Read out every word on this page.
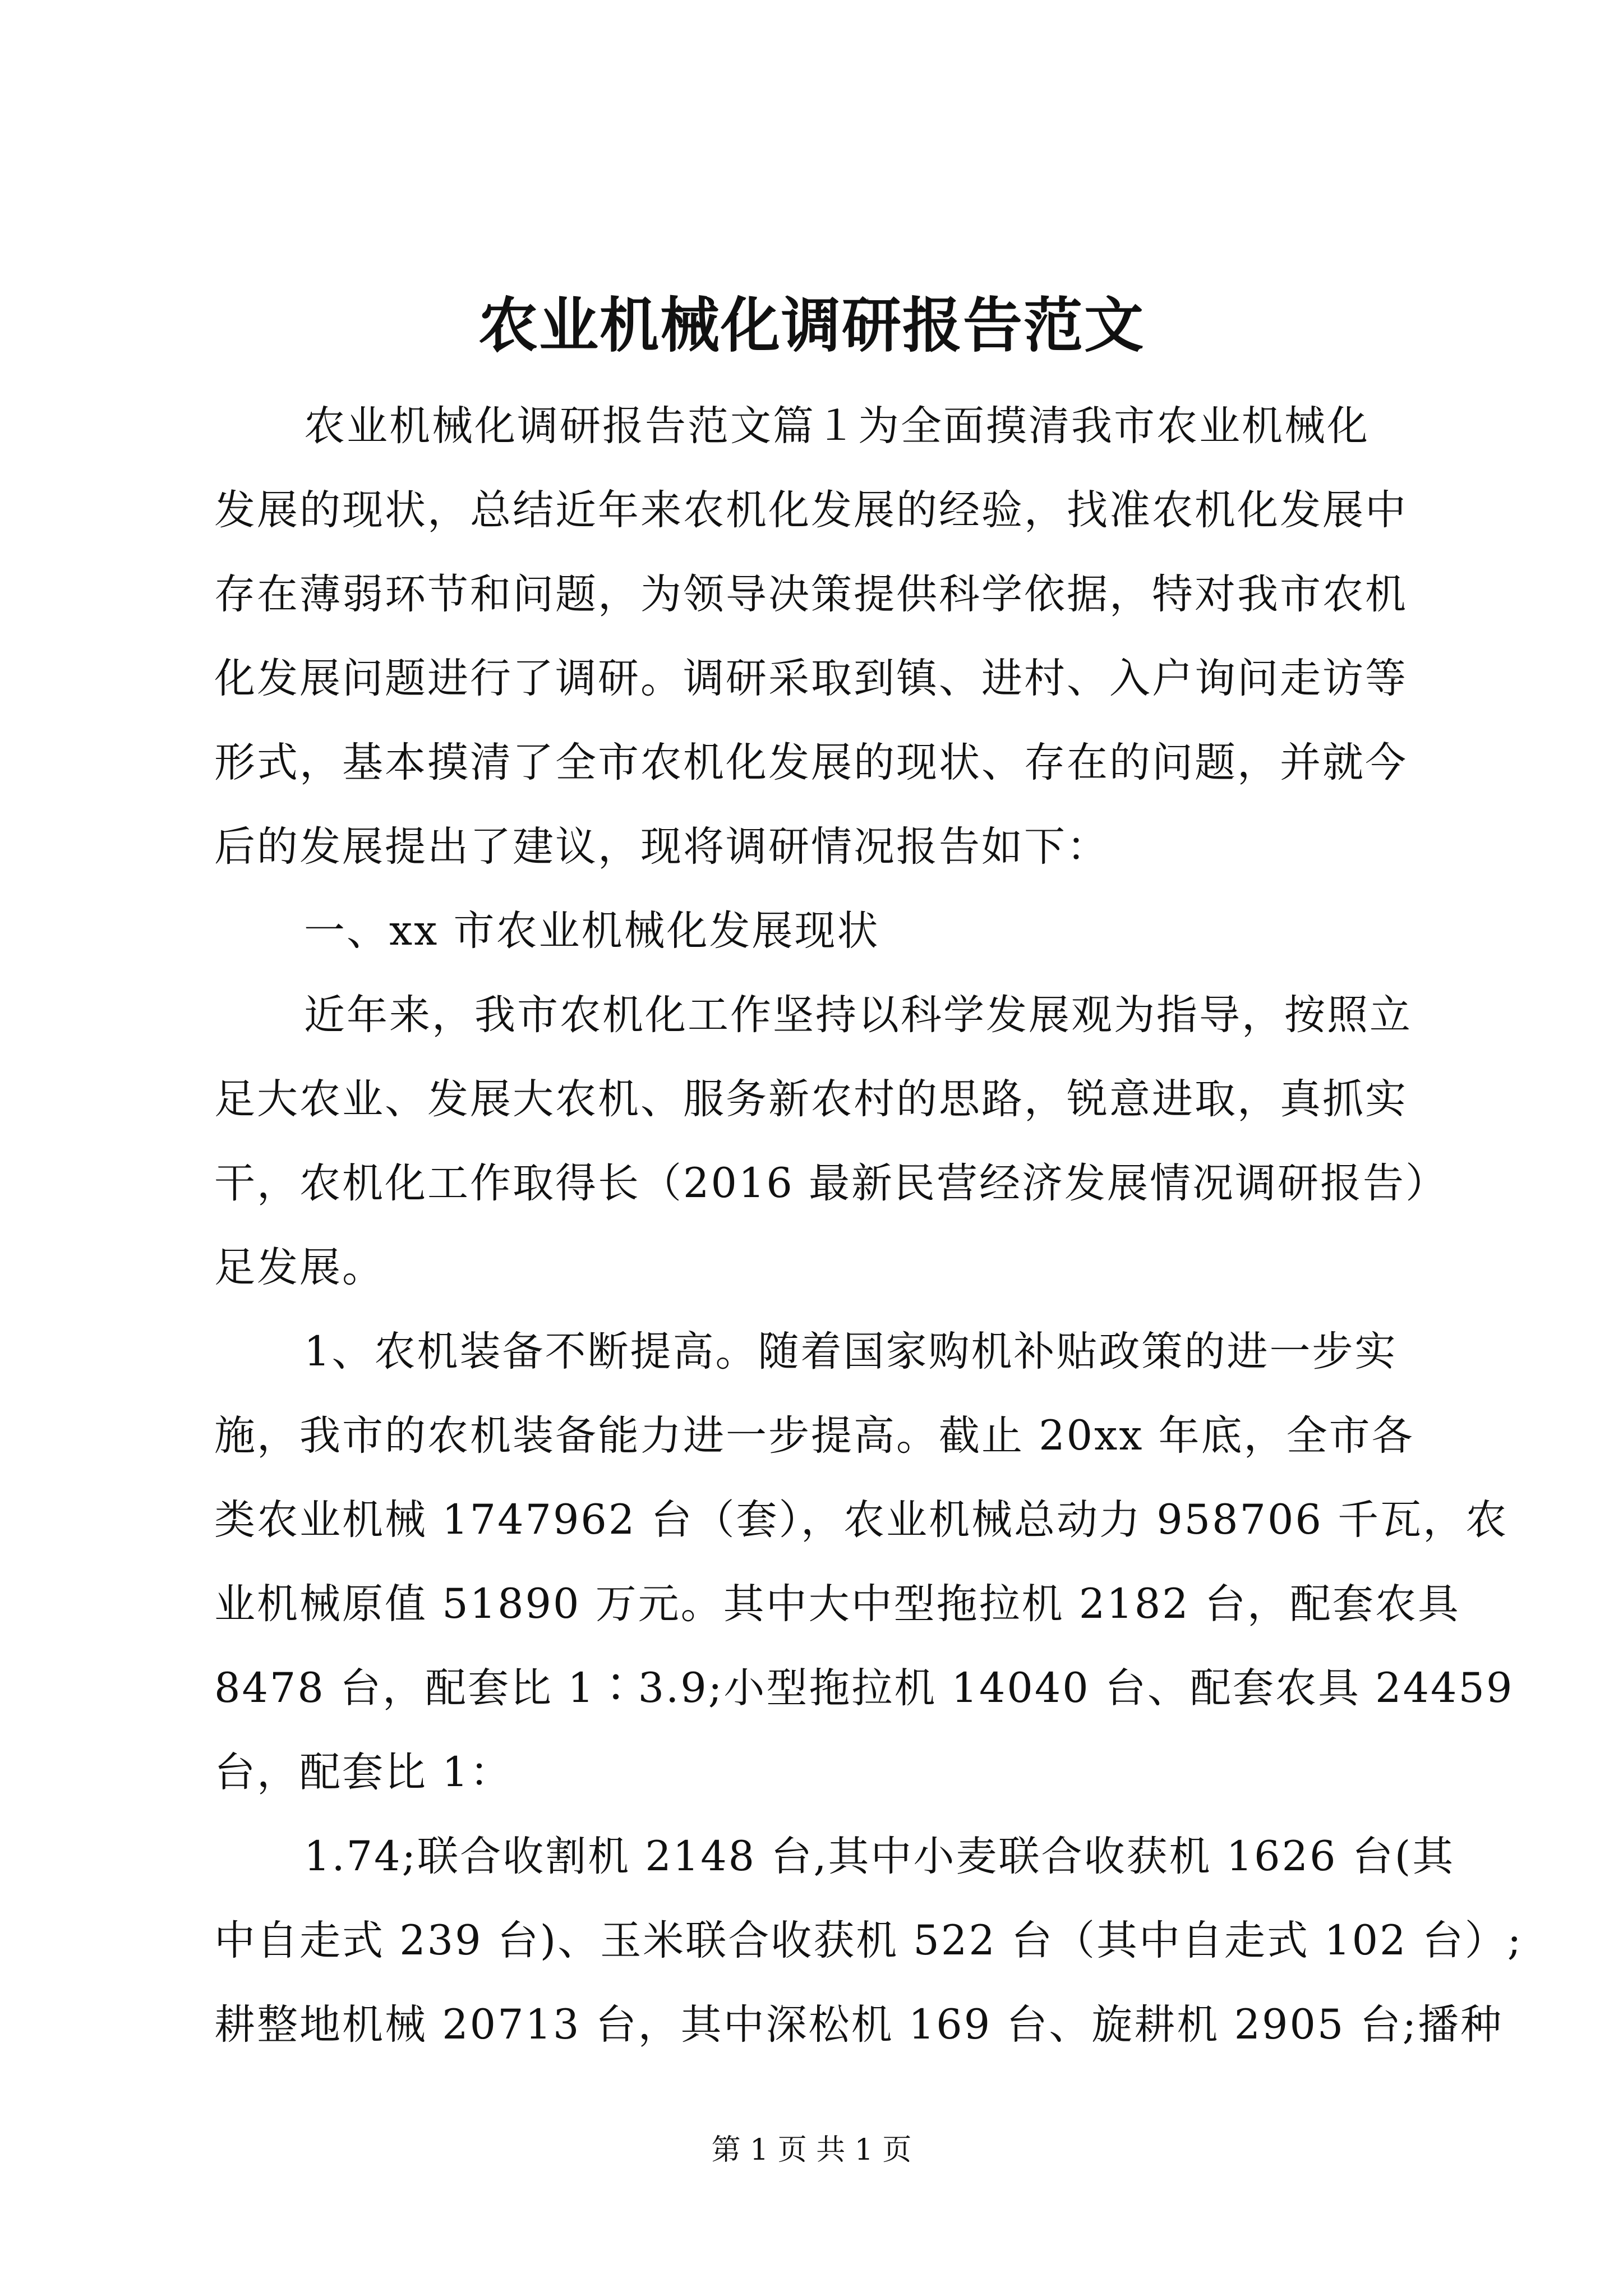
农业机械化调研报告范文
农业机械化调研报告范文篇１为全面摸清我市农业机械化
发展的现状，总结近年来农机化发展的经验，找准农机化发展中
存在薄弱环节和问题，为领导决策提供科学依据，特对我市农机
化发展问题进行了调研。调研采取到镇、进村、入户询问走访等
形式，基本摸清了全市农机化发展的现状、存在的问题，并就今
后的发展提出了建议，现将调研情况报告如下：
一、xx 市农业机械化发展现状
近年来，我市农机化工作坚持以科学发展观为指导，按照立
足大农业、发展大农机、服务新农村的思路，锐意进取，真抓实
干，农机化工作取得长（2016 最新民营经济发展情况调研报告）
足发展。
1、农机装备不断提高。随着国家购机补贴政策的进一步实
施，我市的农机装备能力进一步提高。截止 20xx 年底，全市各
类农业机械 1747962 台（套），农业机械总动力 958706 千瓦，农
业机械原值 51890 万元。其中大中型拖拉机 2182 台，配套农具
8478 台，配套比 1∶3.9;小型拖拉机 14040 台、配套农具 24459
台，配套比 1：
1.74;联合收割机 2148 台,其中小麦联合收获机 1626 台(其
中自走式 239 台)、玉米联合收获机 522 台（其中自走式 102 台）;
耕整地机械 20713 台，其中深松机 169 台、旋耕机 2905 台;播种
第 1 页 共 1 页
